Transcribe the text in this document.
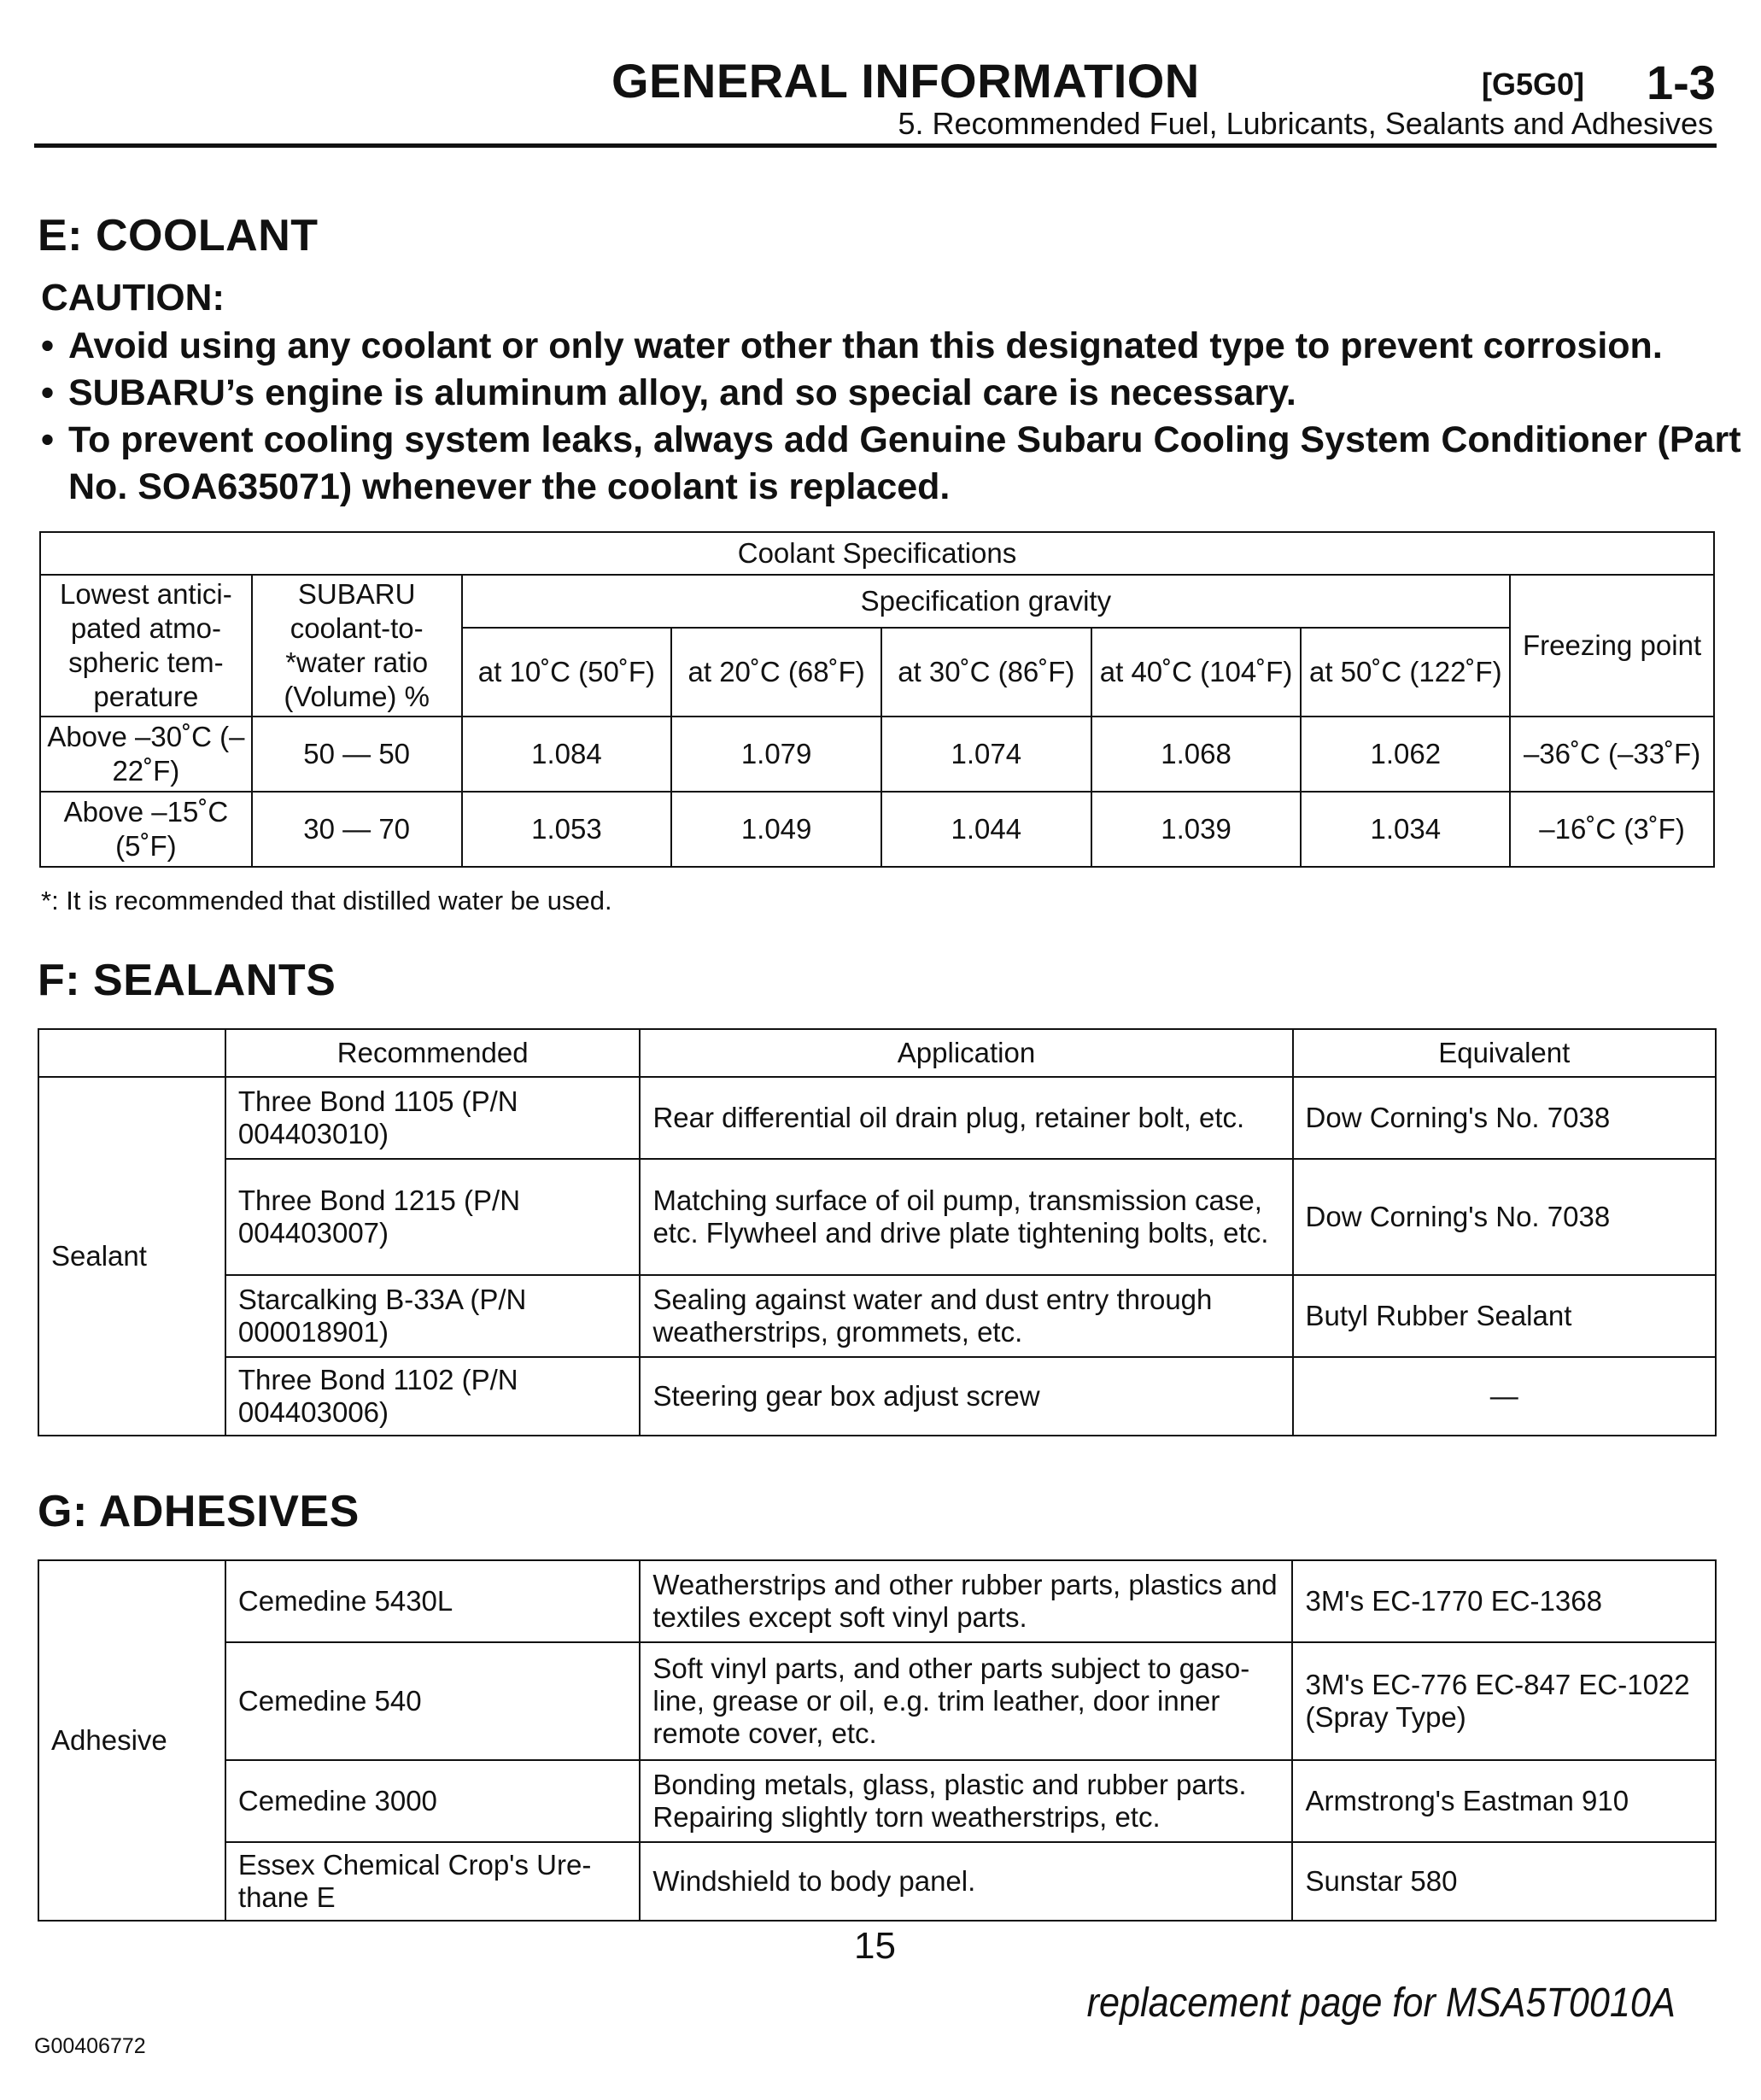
GENERAL INFORMATION	[G5G0] 1-3
5. Recommended Fuel, Lubricants, Sealants and Adhesives
E: COOLANT
CAUTION:
• Avoid using any coolant or only water other than this designated type to prevent corrosion.
• SUBARU’s engine is aluminum alloy, and so special care is necessary.
• To prevent cooling system leaks, always add Genuine Subaru Cooling System Conditioner (Part No. SOA635071) whenever the coolant is replaced.
Coolant Specifications							
Lowest antici-pated atmo-spheric tem-perature	SUBARU coolant-to- *water ratio (Volume) %	Specification gravity					Freezing point
		at 10˚C (50˚F)	at 20˚C (68˚F)	at 30˚C (86˚F)	at 40˚C (104˚F)	at 50˚C (122˚F)	
Above –30˚C (–22˚F)	50 — 50	1.084	1.079	1.074	1.068	1.062	–36˚C (–33˚F)
Above –15˚C (5˚F)	30 — 70	1.053	1.049	1.044	1.039	1.034	–16˚C (3˚F)
*: It is recommended that distilled water be used.
F: SEALANTS
	Recommended	Application	Equivalent
Sealant	Three Bond 1105 (P/N 004403010)	Rear differential oil drain plug, retainer bolt, etc.	Dow Corning's No. 7038
	Three Bond 1215 (P/N 004403007)	Matching surface of oil pump, transmission case, etc. Flywheel and drive plate tightening bolts, etc.	Dow Corning's No. 7038
	Starcalking B-33A (P/N 000018901)	Sealing against water and dust entry through weatherstrips, grommets, etc.	Butyl Rubber Sealant
	Three Bond 1102 (P/N 004403006)	Steering gear box adjust screw	—
G: ADHESIVES
Adhesive	Cemedine 5430L	Weatherstrips and other rubber parts, plastics and textiles except soft vinyl parts.	3M's EC-1770 EC-1368
	Cemedine 540	Soft vinyl parts, and other parts subject to gaso-line, grease or oil, e.g. trim leather, door inner remote cover, etc.	3M's EC-776 EC-847 EC-1022 (Spray Type)
	Cemedine 3000	Bonding metals, glass, plastic and rubber parts. Repairing slightly torn weatherstrips, etc.	Armstrong's Eastman 910
	Essex Chemical Crop's Ure-thane E	Windshield to body panel.	Sunstar 580
15
replacement page for MSA5T0010A
G00406772
